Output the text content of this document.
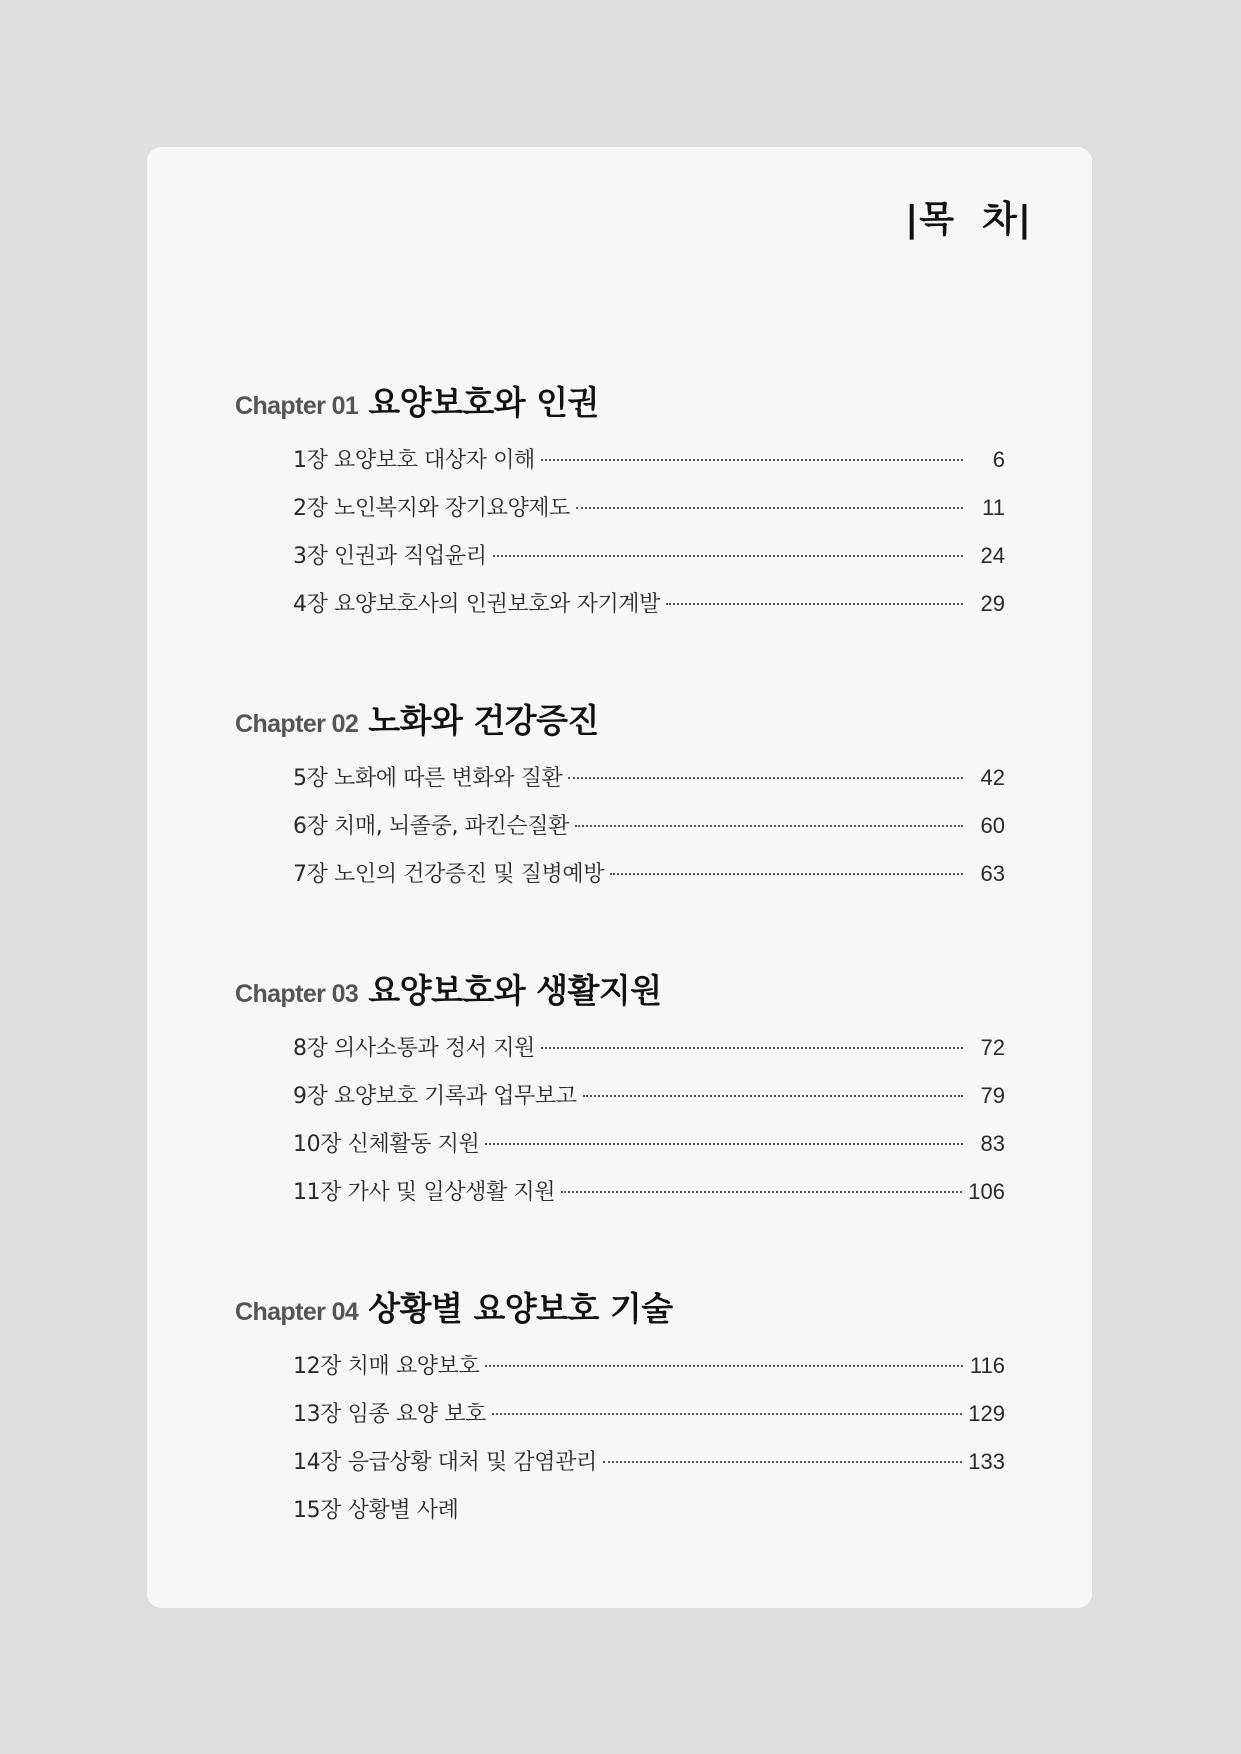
|목  차|
Chapter 01 요양보호와 인권
1장 요양보호 대상자 이해	6
2장 노인복지와 장기요양제도	11
3장 인권과 직업윤리	24
4장 요양보호사의 인권보호와 자기계발	29
Chapter 02 노화와 건강증진
5장 노화에 따른 변화와 질환	42
6장 치매, 뇌졸중, 파킨슨질환	60
7장 노인의 건강증진 및 질병예방	63
Chapter 03 요양보호와 생활지원
8장 의사소통과 정서 지원	72
9장 요양보호 기록과 업무보고	79
10장 신체활동 지원	83
11장 가사 및 일상생활 지원	106
Chapter 04 상황별 요양보호 기술
12장 치매 요양보호	116
13장 임종 요양 보호	129
14장 응급상황 대처 및 감염관리	133
15장 상황별 사례
